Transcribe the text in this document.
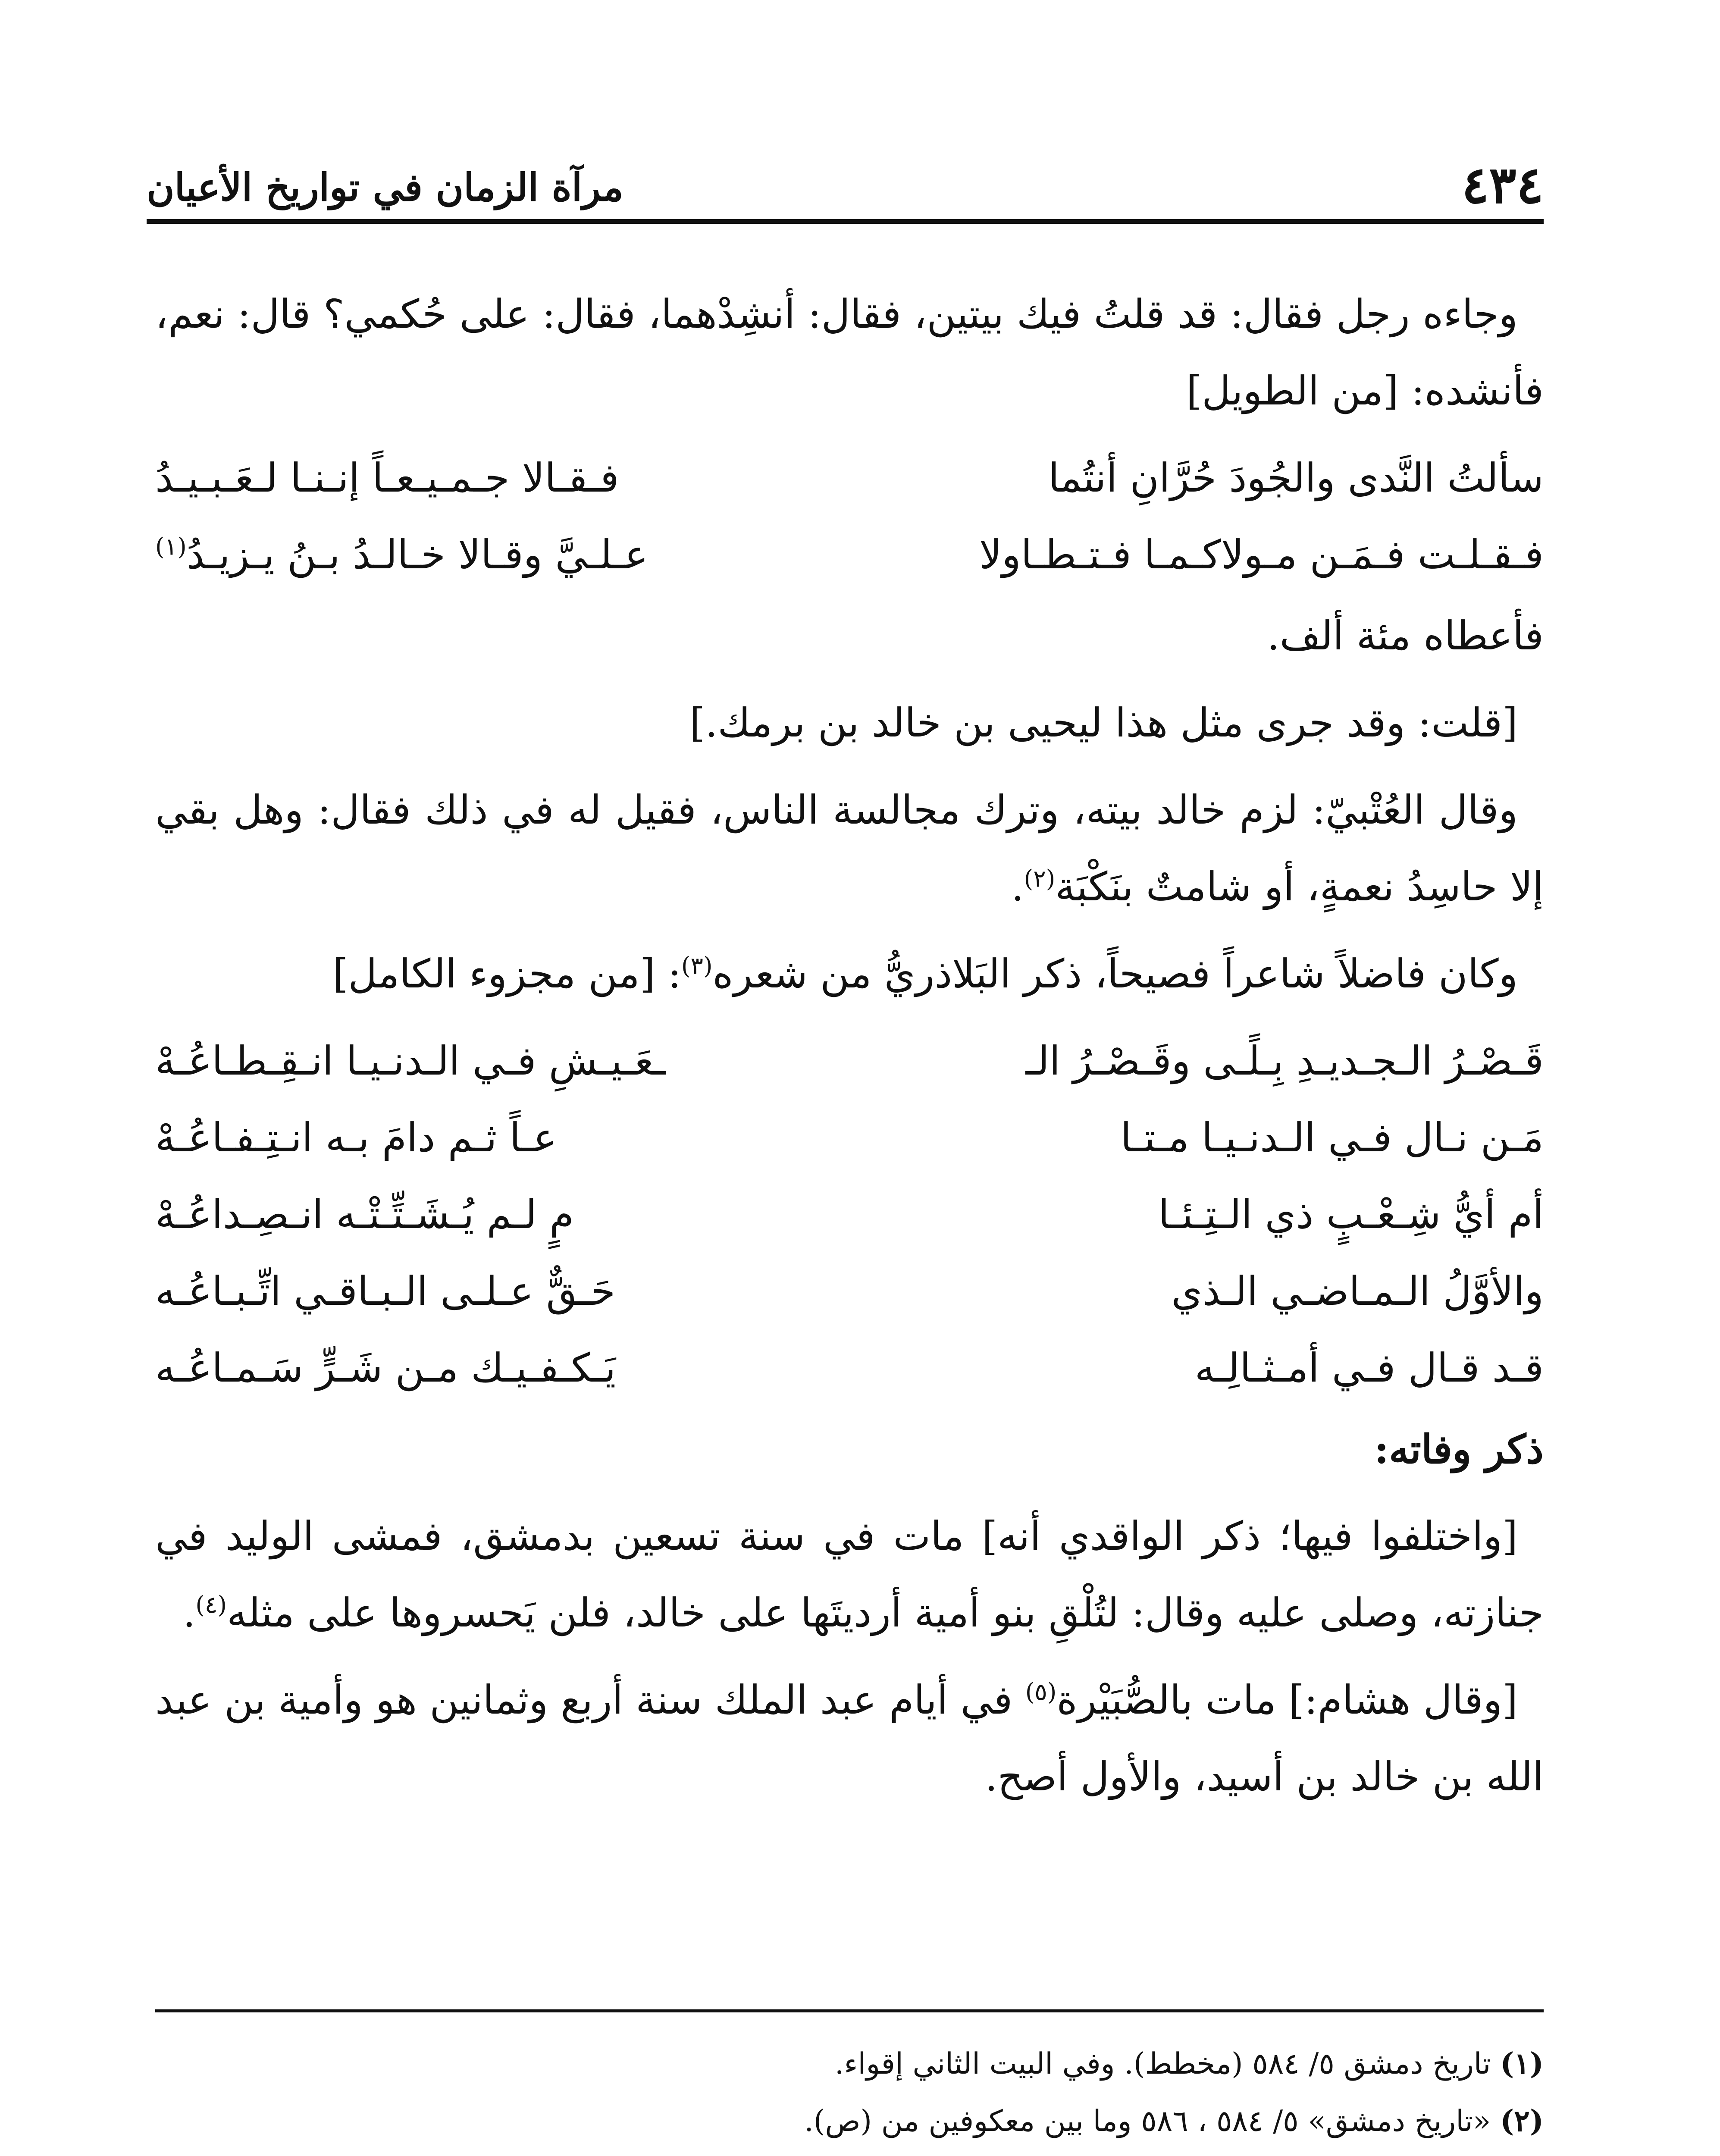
٤٣٤
مرآة الزمان في تواريخ الأعيان

وجاءه رجل فقال: قد قلتُ فيك بيتين، فقال: أنشِدْهما، فقال: على حُكمي؟ قال: نعم، فأنشده: [من الطويل]

سألتُ النَّدى والجُودَ حُرَّانِ أنتُما
فـقـالا جـمـيـعـاً إنـنـا لـعَـبـيـدُ
فـقـلـت فـمَـن مـولاكـمـا فـتـطـاولا
عـلـيَّ وقـالا خـالـدُ بـنُ يـزيـدُ$^{(١)}$

فأعطاه مئة ألف.

[قلت: وقد جرى مثل هذا ليحيى بن خالد بن برمك.]

وقال العُتْبيّ: لزم خالد بيته، وترك مجالسة الناس، فقيل له في ذلك فقال: وهل بقي إلا حاسِدُ نعمةٍ، أو شامتٌ بنَكْبَة$^{(٢)}$.

وكان فاضلاً شاعراً فصيحاً، ذكر البَلاذريُّ من شعره$^{(٣)}$: [من مجزوء الكامل]

قَـصْـرُ الـجـديـدِ بِـلًـى وقَـصْـرُ الـ
ـعَـيـشِ فـي الـدنـيـا انـقِـطـاعُـهْ
مَـن نـال فـي الـدنـيـا مـتـا
عـاً ثـم دامَ بـه انـتِـفـاعُـهْ
أم أيُّ شِـعْـبٍ ذي الـتِـئـا
مٍ لـم يُـشَـتِّـتْـه انـصِـداعُـهْ
والأوَّلُ الـمـاضـي الـذي
حَـقٌّ عـلـى الـبـاقـي اتِّـبـاعُـه
قـد قـال فـي أمـثـالِـه
يَـكـفـيـك مـن شَـرٍّ سَـمـاعُـه
ذكر وفاته:

[واختلفوا فيها؛ ذكر الواقدي أنه] مات في سنة تسعين بدمشق، فمشى الوليد في جنازته، وصلى عليه وقال: لتُلْقِ بنو أمية أرديتَها على خالد، فلن يَحسروها على مثله$^{(٤)}$.

[وقال هشام:] مات بالصُّبَيْرة$^{(٥)}$ في أيام عبد الملك سنة أربع وثمانين هو وأمية بن عبد الله بن خالد بن أسيد، والأول أصح.

(١) تاريخ دمشق ٥/ ٥٨٤ (مخطط). وفي البيت الثاني إقواء.

(٢) «تاريخ دمشق» ٥/ ٥٨٤ ، ٥٨٦ وما بين معكوفين من (ص).
